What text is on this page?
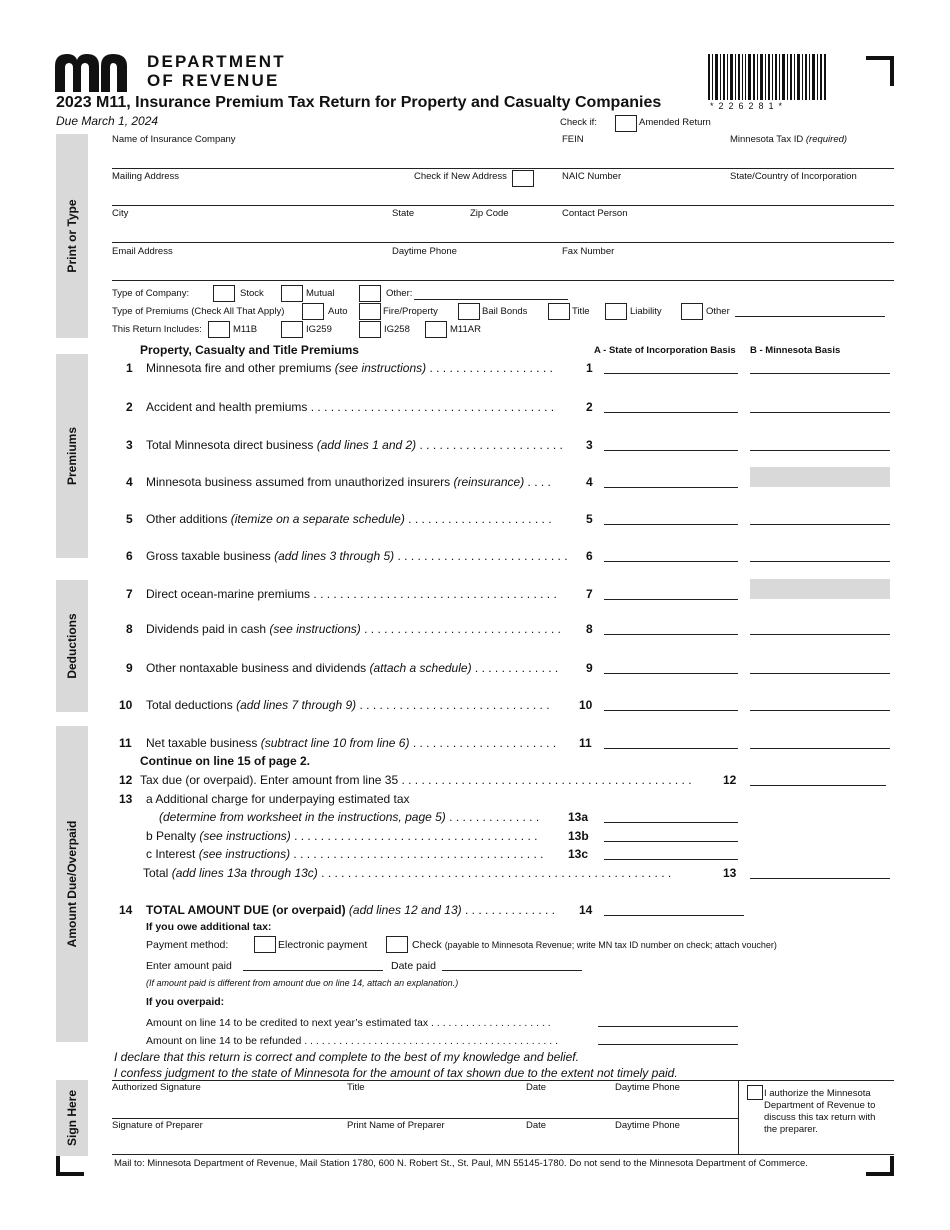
DEPARTMENT
OF REVENUE
2023 M11, Insurance Premium Tax Return for Property and Casualty Companies
Due March 1, 2024
*226281*
Check if:	Amended Return
Print or Type
Premiums
Deductions
Amount Due/Overpaid
Sign Here
Name of Insurance Company	FEIN	Minnesota Tax ID (required)
Mailing Address	Check if New Address	NAIC Number	State/Country of Incorporation
City	State	Zip Code	Contact Person
Email Address	Daytime Phone	Fax Number
Type of Company:	Stock	Mutual	Other:
Type of Premiums (Check All That Apply)	Auto	Fire/Property	Bail Bonds	Title	Liability	Other
This Return Includes:	M11B	IG259	IG258	M11AR
Property, Casualty and Title Premiums	A - State of Incorporation Basis B - Minnesota Basis
1 Minnesota fire and other premiums (see instructions) . . . . . . . . . . . . . . . . . . .	1
2 Accident and health premiums . . . . . . . . . . . . . . . . . . . . . . . . . . . . . . . . . . . . .	2
3 Total Minnesota direct business (add lines 1 and 2) . . . . . . . . . . . . . . . . . . . . . . 3
4 Minnesota business assumed from unauthorized insurers (reinsurance) . . . .	4
5 Other additions (itemize on a separate schedule) . . . . . . . . . . . . . . . . . . . . . .	5
6 Gross taxable business (add lines 3 through 5) . . . . . . . . . . . . . . . . . . . . . . . . . . 6
7 Direct ocean-marine premiums . . . . . . . . . . . . . . . . . . . . . . . . . . . . . . . . . . . . . 7
8 Dividends paid in cash (see instructions) . . . . . . . . . . . . . . . . . . . . . . . . . . . . . . 8
9 Other nontaxable business and dividends (attach a schedule) . . . . . . . . . . . . . 9
10 Total deductions (add lines 7 through 9) . . . . . . . . . . . . . . . . . . . . . . . . . . . . . 10
11 Net taxable business (subtract line 10 from line 6) . . . . . . . . . . . . . . . . . . . . . . 11
Continue on line 15 of page 2.
12 Tax due (or overpaid). Enter amount from line 35 . . . . . . . . . . . . . . . . . . . . . . . . . . . . . . . . . . . . . . . . . . . .	12
13 a Additional charge for underpaying estimated tax
(determine from worksheet in the instructions, page 5) . . . . . . . . . . . . . . 13a
b Penalty (see instructions) . . . . . . . . . . . . . . . . . . . . . . . . . . . . . . . . . . . . .	13b
c Interest (see instructions) . . . . . . . . . . . . . . . . . . . . . . . . . . . . . . . . . . . . . . 13c
Total (add lines 13a through 13c) . . . . . . . . . . . . . . . . . . . . . . . . . . . . . . . . . . . . . . . . . . . . . . . . . . . . .	13
14 TOTAL AMOUNT DUE (or overpaid) (add lines 12 and 13) . . . . . . . . . . . . . . 14
If you owe additional tax:
Payment method:	Electronic payment	Check (payable to Minnesota Revenue; write MN tax ID number on check; attach voucher)
Enter amount paid	Date paid
(If amount paid is different from amount due on line 14, attach an explanation.)
If you overpaid:
Amount on line 14 to be credited to next year’s estimated tax . . . . . . . . . . . . . . . . . . . . .
Amount on line 14 to be refunded . . . . . . . . . . . . . . . . . . . . . . . . . . . . . . . . . . . . . . . . . . . .
I declare that this return is correct and complete to the best of my knowledge and belief.
I confess judgment to the state of Minnesota for the amount of tax shown due to the extent not timely paid.
Authorized Signature	Title	Date	Daytime Phone
Signature of Preparer	Print Name of Preparer	Date	Daytime Phone
I authorize the Minnesota Department of Revenue to discuss this tax return with the preparer.
Mail to: Minnesota Department of Revenue, Mail Station 1780, 600 N. Robert St., St. Paul, MN 55145-1780. Do not send to the Minnesota Department of Commerce.
